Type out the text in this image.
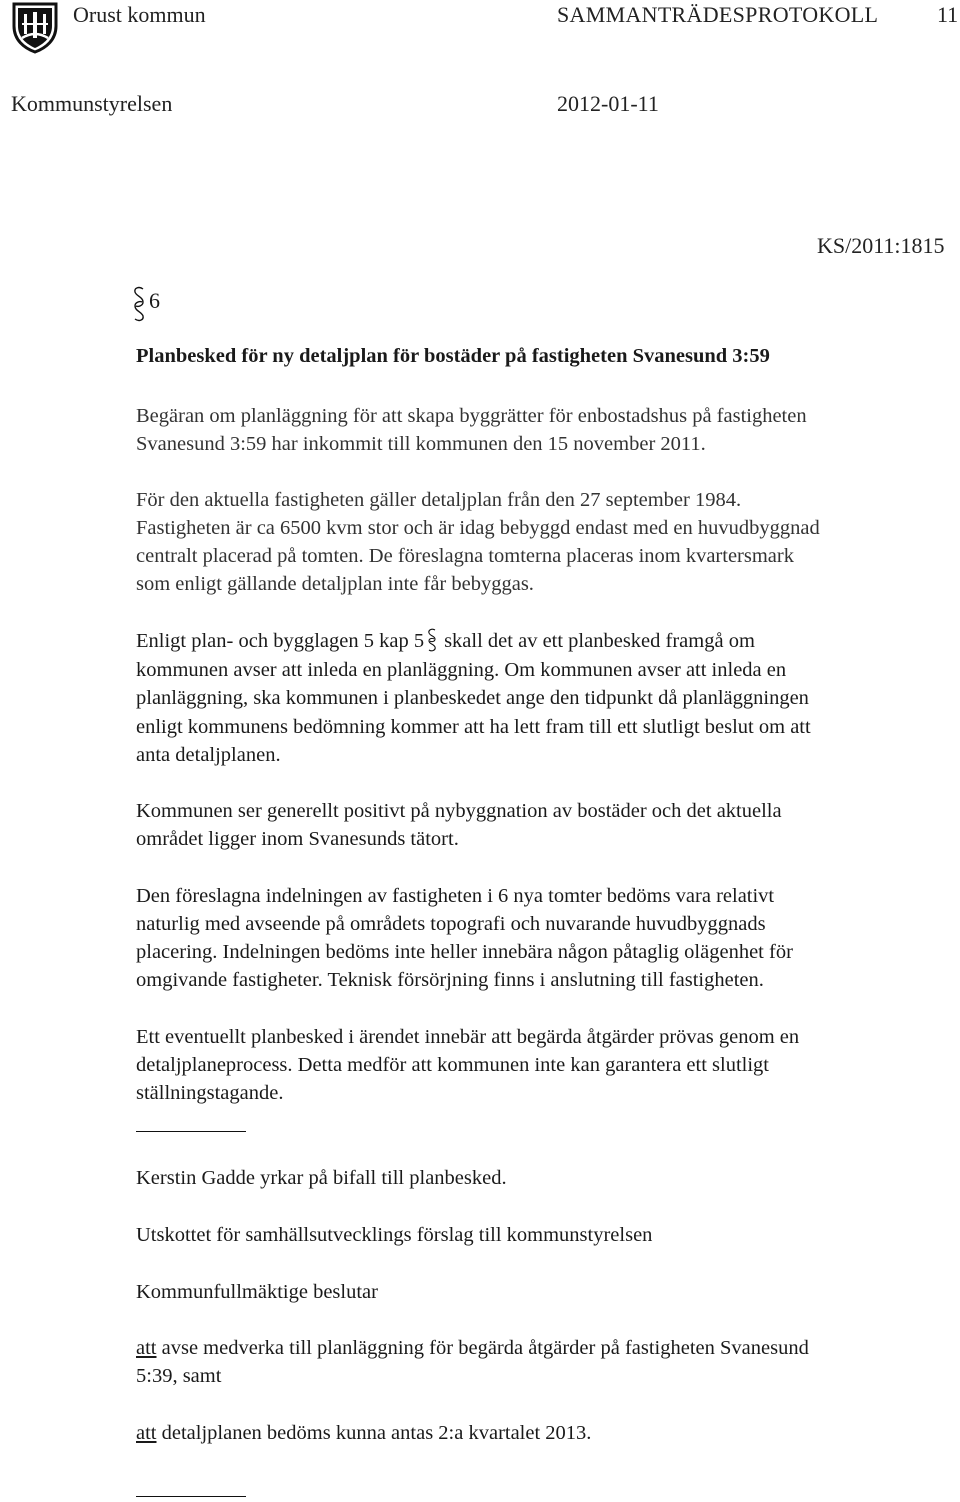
Orust kommun	SAMMANTRÄDESPROTOKOLL	11
Kommunstyrelsen	2012-01-11
KS/2011:1815
6
Planbesked för ny detaljplan för bostäder på fastigheten Svanesund 3:59
Begäran om planläggning för att skapa byggrätter för enbostadshus på fastigheten
Svanesund 3:59 har inkommit till kommunen den 15 november 2011.
För den aktuella fastigheten gäller detaljplan från den 27 september 1984.
Fastigheten är ca 6500 kvm stor och är idag bebyggd endast med en huvudbyggnad
centralt placerad på tomten. De föreslagna tomterna placeras inom kvartersmark
som enligt gällande detaljplan inte får bebyggas.
Enligt plan- och bygglagen 5 kap 5 skall det av ett planbesked framgå om
kommunen avser att inleda en planläggning. Om kommunen avser att inleda en
planläggning, ska kommunen i planbeskedet ange den tidpunkt då planläggningen
enligt kommunens bedömning kommer att ha lett fram till ett slutligt beslut om att
anta detaljplanen.
Kommunen ser generellt positivt på nybyggnation av bostäder och det aktuella
området ligger inom Svanesunds tätort.
Den föreslagna indelningen av fastigheten i 6 nya tomter bedöms vara relativt
naturlig med avseende på områdets topografi och nuvarande huvudbyggnads
placering. Indelningen bedöms inte heller innebära någon påtaglig olägenhet för
omgivande fastigheter. Teknisk försörjning finns i anslutning till fastigheten.
Ett eventuellt planbesked i ärendet innebär att begärda åtgärder prövas genom en
detaljplaneprocess. Detta medför att kommunen inte kan garantera ett slutligt
ställningstagande.
Kerstin Gadde yrkar på bifall till planbesked.
Utskottet för samhällsutvecklings förslag till kommunstyrelsen
Kommunfullmäktige beslutar
att avse medverka till planläggning för begärda åtgärder på fastigheten Svanesund
5:39, samt
att detaljplanen bedöms kunna antas 2:a kvartalet 2013.
